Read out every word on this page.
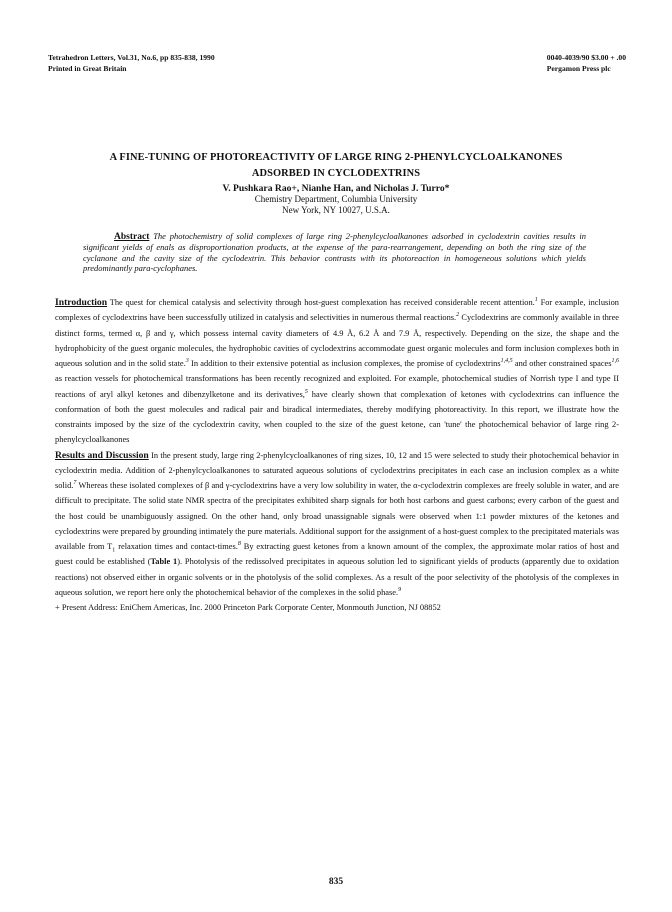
Tetrahedron Letters, Vol.31, No.6, pp 835-838, 1990
Printed in Great Britain
0040-4039/90 $3.00 + .00
Pergamon Press plc
A FINE-TUNING OF PHOTOREACTIVITY OF LARGE RING 2-PHENYLCYCLOALKANONES
ADSORBED IN CYCLODEXTRINS
V. Pushkara Rao+, Nianhe Han, and Nicholas J. Turro*
Chemistry Department, Columbia University
New York, NY 10027, U.S.A.
Abstract The photochemistry of solid complexes of large ring 2-phenylcycloalkanones adsorbed in cyclodextrin cavities results in significant yields of enals as disproportionation products, at the expense of the para-rearrangement, depending on both the ring size of the cyclanone and the cavity size of the cyclodextrin. This behavior contrasts with its photoreaction in homogeneous solutions which yields predominantly para-cyclophanes.

Introduction The quest for chemical catalysis and selectivity through host-guest complexation has received considerable recent attention.$^1$ For example, inclusion complexes of cyclodextrins have been successfully utilized in catalysis and selectivities in numerous thermal reactions.$^2$ Cyclodextrins are commonly available in three distinct forms, termed α, β and γ, which possess internal cavity diameters of 4.9 Å, 6.2 Å and 7.9 Å, respectively. Depending on the size, the shape and the hydrophobicity of the guest organic molecules, the hydrophobic cavities of cyclodextrins accommodate guest organic molecules and form inclusion complexes both in aqueous solution and in the solid state.$^3$ In addition to their extensive potential as inclusion complexes, the promise of cyclodextrins$^{1,4,5}$ and other constrained spaces$^{1,6}$ as reaction vessels for photochemical transformations has been recently recognized and exploited. For example, photochemical studies of Norrish type I and type II reactions of aryl alkyl ketones and dibenzylketone and its derivatives,$^5$ have clearly shown that complexation of ketones with cyclodextrins can influence the conformation of both the guest molecules and radical pair and biradical intermediates, thereby modifying photoreactivity. In this report, we illustrate how the constraints imposed by the size of the cyclodextrin cavity, when coupled to the size of the guest ketone, can 'tune' the photochemical behavior of large ring 2-phenylcycloalkanones

Results and Discussion In the present study, large ring 2-phenylcycloalkanones of ring sizes, 10, 12 and 15 were selected to study their photochemical behavior in cyclodextrin media. Addition of 2-phenylcycloalkanones to saturated aqueous solutions of cyclodextrins precipitates in each case an inclusion complex as a white solid.$^7$ Whereas these isolated complexes of β and γ-cyclodextrins have a very low solubility in water, the α-cyclodextrin complexes are freely soluble in water, and are difficult to precipitate. The solid state NMR spectra of the precipitates exhibited sharp signals for both host carbons and guest carbons; every carbon of the guest and the host could be unambiguously assigned. On the other hand, only broad unassignable signals were observed when 1:1 powder mixtures of the ketones and cyclodextrins were prepared by grounding intimately the pure materials. Additional support for the assignment of a host-guest complex to the precipitated materials was available from $T_1$ relaxation times and contact-times.$^8$ By extracting guest ketones from a known amount of the complex, the approximate molar ratios of host and guest could be established (Table 1). Photolysis of the redissolved precipitates in aqueous solution led to significant yields of products (apparently due to oxidation reactions) not observed either in organic solvents or in the photolysis of the solid complexes. As a result of the poor selectivity of the photolysis of the complexes in aqueous solution, we report here only the photochemical behavior of the complexes in the solid phase.$^9$

+ Present Address: EniChem Americas, Inc. 2000 Princeton Park Corporate Center, Monmouth Junction, NJ 08852

835
